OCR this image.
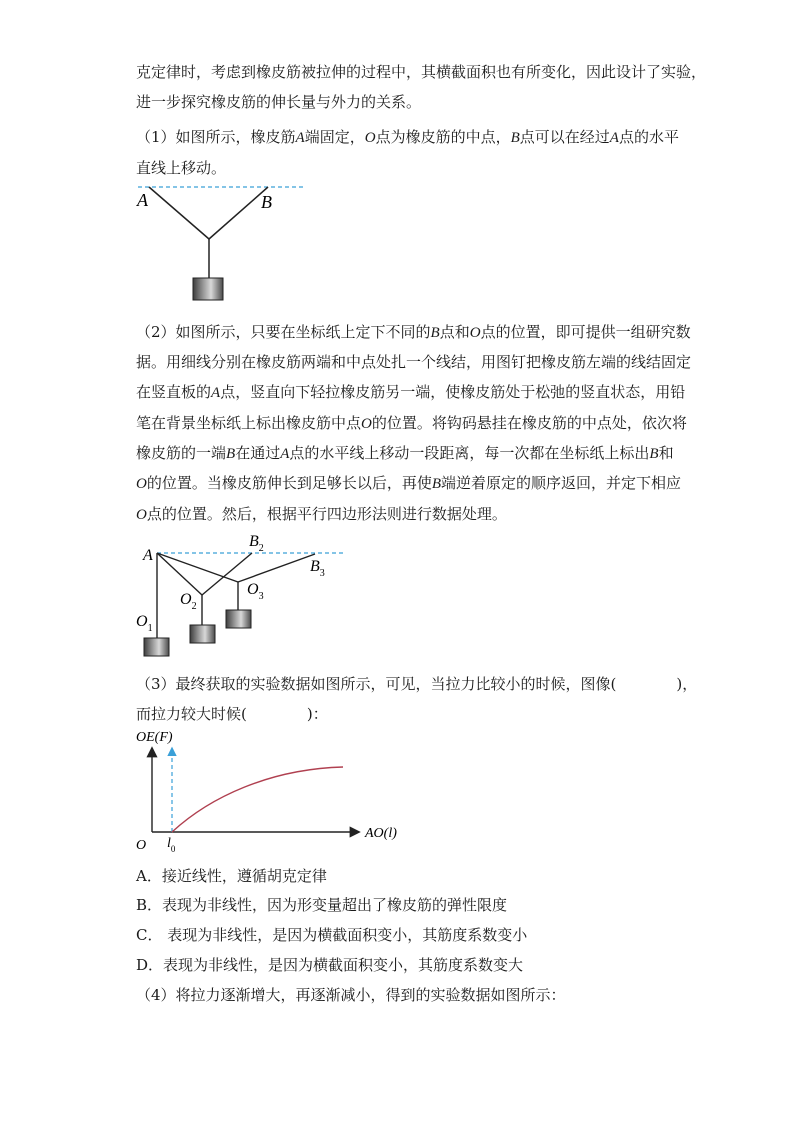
克定律时，考虑到橡皮筋被拉伸的过程中，其横截面积也有所变化，因此设计了实验，
进一步探究橡皮筋的伸长量与外力的关系。
（1）如图所示，橡皮筋A端固定，O点为橡皮筋的中点，B点可以在经过A点的水平
直线上移动。
A	B
（2）如图所示，只要在坐标纸上定下不同的B点和O点的位置，即可提供一组研究数
据。用细线分别在橡皮筋两端和中点处扎一个线结，用图钉把橡皮筋左端的线结固定
在竖直板的A点，竖直向下轻拉橡皮筋另一端，使橡皮筋处于松弛的竖直状态，用铅
笔在背景坐标纸上标出橡皮筋中点O的位置。将钩码悬挂在橡皮筋的中点处，依次将
橡皮筋的一端B在通过A点的水平线上移动一段距离，每一次都在坐标纸上标出B和
O的位置。当橡皮筋伸长到足够长以后，再使B端逆着原定的顺序返回，并定下相应
O点的位置。然后，根据平行四边形法则进行数据处理。
A
$B_2$
$B_3$
$O_1$
$O_2$
$O_3$
（3）最终获取的实验数据如图所示，可见，当拉力比较小的时候，图像(　　　　)，
而拉力较大时候(　　　　)：
OE(F)
AO(l)
O $l_0$
A．接近线性，遵循胡克定律
B．表现为非线性，因为形变量超出了橡皮筋的弹性限度
C． 表现为非线性，是因为横截面积变小，其筋度系数变小
D．表现为非线性，是因为横截面积变小，其筋度系数变大
（4）将拉力逐渐增大，再逐渐减小，得到的实验数据如图所示：
